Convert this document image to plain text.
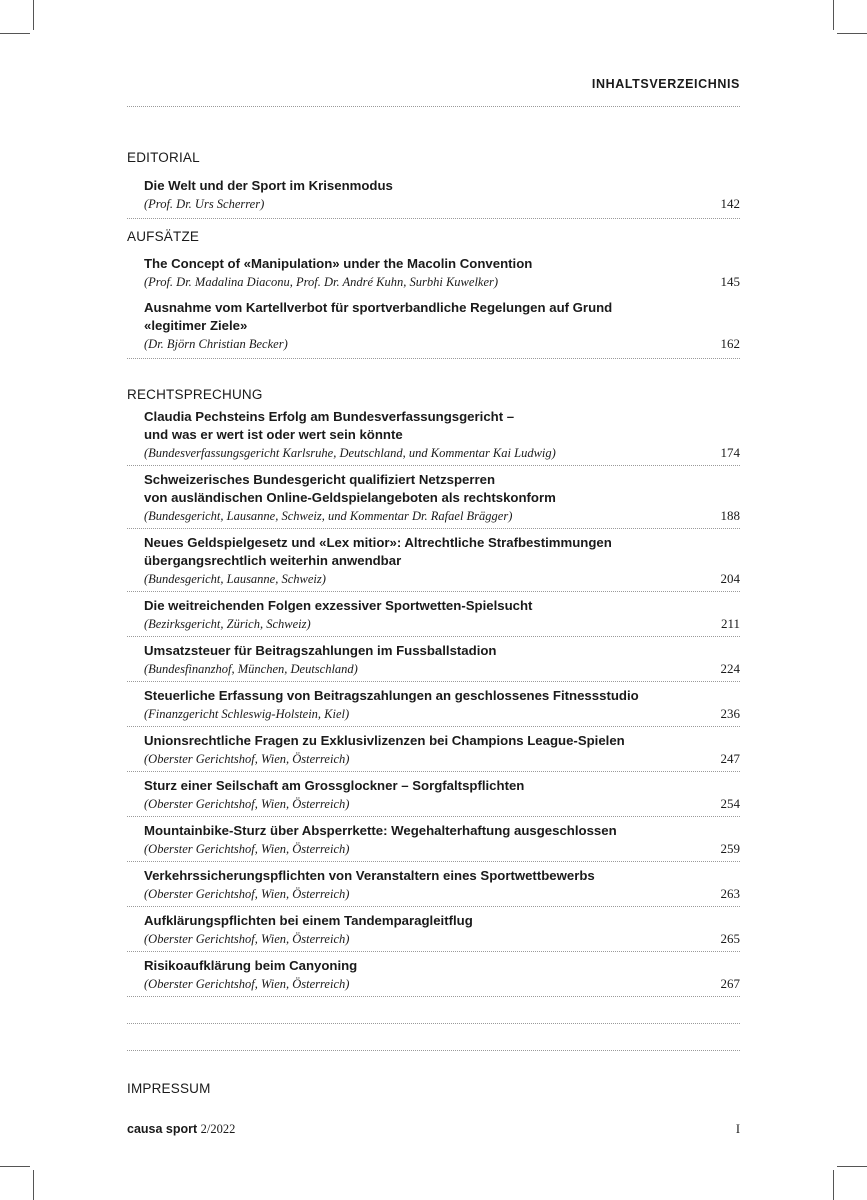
INHALTSVERZEICHNIS
EDITORIAL
Die Welt und der Sport im Krisenmodus
(Prof. Dr. Urs Scherrer)	142
AUFSÄTZE
The Concept of «Manipulation» under the Macolin Convention
(Prof. Dr. Madalina Diaconu, Prof. Dr. André Kuhn, Surbhi Kuwelker)	145
Ausnahme vom Kartellverbot für sportverbandliche Regelungen auf Grund
«legitimer Ziele»
(Dr. Björn Christian Becker)	162
RECHTSPRECHUNG
Claudia Pechsteins Erfolg am Bundesverfassungsgericht –
und was er wert ist oder wert sein könnte
(Bundesverfassungsgericht Karlsruhe, Deutschland, und Kommentar Kai Ludwig)	174
Schweizerisches Bundesgericht qualifiziert Netzsperren
von ausländischen Online-Geldspielangeboten als rechtskonform
(Bundesgericht, Lausanne, Schweiz, und Kommentar Dr. Rafael Brägger)	188
Neues Geldspielgesetz und «Lex mitior»: Altrechtliche Strafbestimmungen
übergangsrechtlich weiterhin anwendbar
(Bundesgericht, Lausanne, Schweiz)	204
Die weitreichenden Folgen exzessiver Sportwetten-Spielsucht
(Bezirksgericht, Zürich, Schweiz)	211
Umsatzsteuer für Beitragszahlungen im Fussballstadion
(Bundesfinanzhof, München, Deutschland)	224
Steuerliche Erfassung von Beitragszahlungen an geschlossenes Fitnessstudio
(Finanzgericht Schleswig-Holstein, Kiel)	236
Unionsrechtliche Fragen zu Exklusivlizenzen bei Champions League-Spielen
(Oberster Gerichtshof, Wien, Österreich)	247
Sturz einer Seilschaft am Grossglockner – Sorgfaltspflichten
(Oberster Gerichtshof, Wien, Österreich)	254
Mountainbike-Sturz über Absperrkette: Wegehalterhaftung ausgeschlossen
(Oberster Gerichtshof, Wien, Österreich)	259
Verkehrssicherungspflichten von Veranstaltern eines Sportwettbewerbs
(Oberster Gerichtshof, Wien, Österreich)	263
Aufklärungspflichten bei einem Tandemparagleitflug
(Oberster Gerichtshof, Wien, Österreich)	265
Risikoaufklärung beim Canyoning
(Oberster Gerichtshof, Wien, Österreich)	267
IMPRESSUM
causa sport 2/2022	I
